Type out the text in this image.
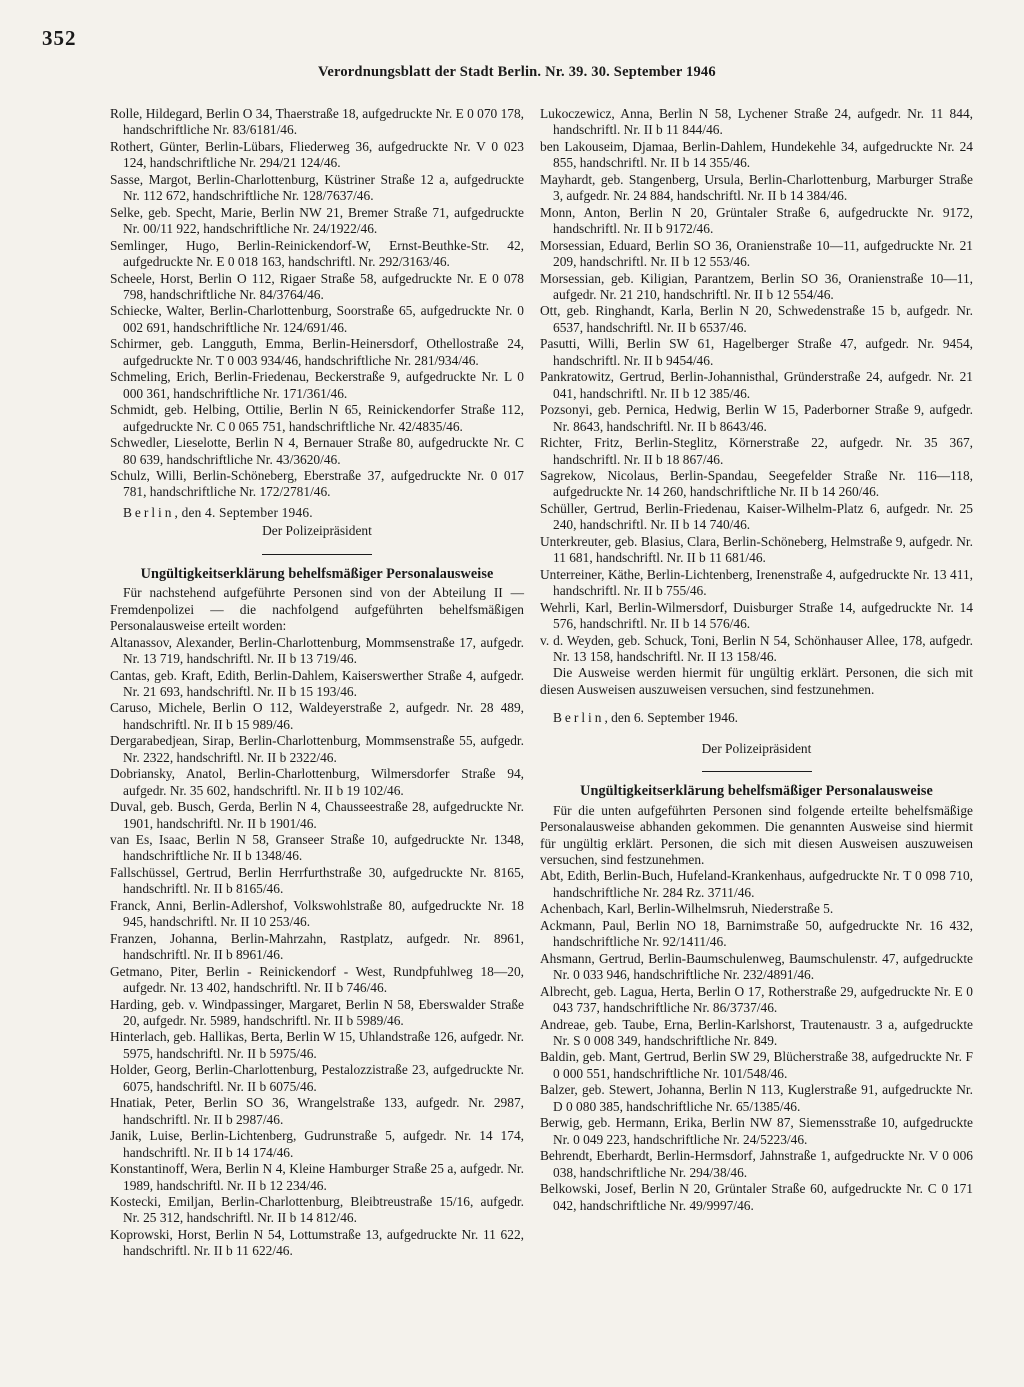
352
Verordnungsblatt der Stadt Berlin. Nr. 39. 30. September 1946

Rolle, Hildegard, Berlin O 34, Thaerstraße 18, aufgedruckte Nr. E 0 070 178, handschriftliche Nr. 83/6181/46.

Rothert, Günter, Berlin-Lübars, Fliederweg 36, aufgedruckte Nr. V 0 023 124, handschriftliche Nr. 294/21 124/46.

Sasse, Margot, Berlin-Charlottenburg, Küstriner Straße 12 a, aufgedruckte Nr. 112 672, handschriftliche Nr. 128/7637/46.

Selke, geb. Specht, Marie, Berlin NW 21, Bremer Straße 71, aufgedruckte Nr. 00/11 922, handschriftliche Nr. 24/1922/46.

Semlinger, Hugo, Berlin-Reinickendorf-W, Ernst-Beuthke-Str. 42, aufgedruckte Nr. E 0 018 163, handschriftl. Nr. 292/3163/46.

Scheele, Horst, Berlin O 112, Rigaer Straße 58, aufgedruckte Nr. E 0 078 798, handschriftliche Nr. 84/3764/46.

Schiecke, Walter, Berlin-Charlottenburg, Soorstraße 65, aufgedruckte Nr. 0 002 691, handschriftliche Nr. 124/691/46.

Schirmer, geb. Langguth, Emma, Berlin-Heinersdorf, Othellostraße 24, aufgedruckte Nr. T 0 003 934/46, handschriftliche Nr. 281/934/46.

Schmeling, Erich, Berlin-Friedenau, Beckerstraße 9, aufgedruckte Nr. L 0 000 361, handschriftliche Nr. 171/361/46.

Schmidt, geb. Helbing, Ottilie, Berlin N 65, Reinickendorfer Straße 112, aufgedruckte Nr. C 0 065 751, handschriftliche Nr. 42/4835/46.

Schwedler, Lieselotte, Berlin N 4, Bernauer Straße 80, aufgedruckte Nr. C 80 639, handschriftliche Nr. 43/3620/46.

Schulz, Willi, Berlin-Schöneberg, Eberstraße 37, aufgedruckte Nr. 0 017 781, handschriftliche Nr. 172/2781/46.

Berlin, den 4. September 1946.

Der Polizeipräsident

Ungültigkeitserklärung behelfsmäßiger Personalausweise

Für nachstehend aufgeführte Personen sind von der Abteilung II — Fremdenpolizei — die nachfolgend aufgeführten behelfsmäßigen Personalausweise erteilt worden:

Altanassov, Alexander, Berlin-Charlottenburg, Mommsenstraße 17, aufgedr. Nr. 13 719, handschriftl. Nr. II b 13 719/46.

Cantas, geb. Kraft, Edith, Berlin-Dahlem, Kaiserswerther Straße 4, aufgedr. Nr. 21 693, handschriftl. Nr. II b 15 193/46.

Caruso, Michele, Berlin O 112, Waldeyerstraße 2, aufgedr. Nr. 28 489, handschriftl. Nr. II b 15 989/46.

Dergarabedjean, Sirap, Berlin-Charlottenburg, Mommsenstraße 55, aufgedr. Nr. 2322, handschriftl. Nr. II b 2322/46.

Dobriansky, Anatol, Berlin-Charlottenburg, Wilmersdorfer Straße 94, aufgedr. Nr. 35 602, handschriftl. Nr. II b 19 102/46.

Duval, geb. Busch, Gerda, Berlin N 4, Chausseestraße 28, aufgedruckte Nr. 1901, handschriftl. Nr. II b 1901/46.

van Es, Isaac, Berlin N 58, Granseer Straße 10, aufgedruckte Nr. 1348, handschriftliche Nr. II b 1348/46.

Fallschüssel, Gertrud, Berlin Herrfurthstraße 30, aufgedruckte Nr. 8165, handschriftl. Nr. II b 8165/46.

Franck, Anni, Berlin-Adlershof, Volkswohlstraße 80, aufgedruckte Nr. 18 945, handschriftl. Nr. II 10 253/46.

Franzen, Johanna, Berlin-Mahrzahn, Rastplatz, aufgedr. Nr. 8961, handschriftl. Nr. II b 8961/46.

Getmano, Piter, Berlin - Reinickendorf - West, Rundpfuhlweg 18—20, aufgedr. Nr. 13 402, handschriftl. Nr. II b 746/46.

Harding, geb. v. Windpassinger, Margaret, Berlin N 58, Eberswalder Straße 20, aufgedr. Nr. 5989, handschriftl. Nr. II b 5989/46.

Hinterlach, geb. Hallikas, Berta, Berlin W 15, Uhlandstraße 126, aufgedr. Nr. 5975, handschriftl. Nr. II b 5975/46.

Holder, Georg, Berlin-Charlottenburg, Pestalozzistraße 23, aufgedruckte Nr. 6075, handschriftl. Nr. II b 6075/46.

Hnatiak, Peter, Berlin SO 36, Wrangelstraße 133, aufgedr. Nr. 2987, handschriftl. Nr. II b 2987/46.

Janik, Luise, Berlin-Lichtenberg, Gudrunstraße 5, aufgedr. Nr. 14 174, handschriftl. Nr. II b 14 174/46.

Konstantinoff, Wera, Berlin N 4, Kleine Hamburger Straße 25 a, aufgedr. Nr. 1989, handschriftl. Nr. II b 12 234/46.

Kostecki, Emiljan, Berlin-Charlottenburg, Bleibtreustraße 15/16, aufgedr. Nr. 25 312, handschriftl. Nr. II b 14 812/46.

Koprowski, Horst, Berlin N 54, Lottumstraße 13, aufgedruckte Nr. 11 622, handschriftl. Nr. II b 11 622/46.

Lukoczewicz, Anna, Berlin N 58, Lychener Straße 24, aufgedr. Nr. 11 844, handschriftl. Nr. II b 11 844/46.

ben Lakouseim, Djamaa, Berlin-Dahlem, Hundekehle 34, aufgedruckte Nr. 24 855, handschriftl. Nr. II b 14 355/46.

Mayhardt, geb. Stangenberg, Ursula, Berlin-Charlottenburg, Marburger Straße 3, aufgedr. Nr. 24 884, handschriftl. Nr. II b 14 384/46.

Monn, Anton, Berlin N 20, Grüntaler Straße 6, aufgedruckte Nr. 9172, handschriftl. Nr. II b 9172/46.

Morsessian, Eduard, Berlin SO 36, Oranienstraße 10—11, aufgedruckte Nr. 21 209, handschriftl. Nr. II b 12 553/46.

Morsessian, geb. Kiligian, Parantzem, Berlin SO 36, Oranienstraße 10—11, aufgedr. Nr. 21 210, handschriftl. Nr. II b 12 554/46.

Ott, geb. Ringhandt, Karla, Berlin N 20, Schwedenstraße 15 b, aufgedr. Nr. 6537, handschriftl. Nr. II b 6537/46.

Pasutti, Willi, Berlin SW 61, Hagelberger Straße 47, aufgedr. Nr. 9454, handschriftl. Nr. II b 9454/46.

Pankratowitz, Gertrud, Berlin-Johannisthal, Gründerstraße 24, aufgedr. Nr. 21 041, handschriftl. Nr. II b 12 385/46.

Pozsonyi, geb. Pernica, Hedwig, Berlin W 15, Paderborner Straße 9, aufgedr. Nr. 8643, handschriftl. Nr. II b 8643/46.

Richter, Fritz, Berlin-Steglitz, Körnerstraße 22, aufgedr. Nr. 35 367, handschriftl. Nr. II b 18 867/46.

Sagrekow, Nicolaus, Berlin-Spandau, Seegefelder Straße Nr. 116—118, aufgedruckte Nr. 14 260, handschriftliche Nr. II b 14 260/46.

Schüller, Gertrud, Berlin-Friedenau, Kaiser-Wilhelm-Platz 6, aufgedr. Nr. 25 240, handschriftl. Nr. II b 14 740/46.

Unterkreuter, geb. Blasius, Clara, Berlin-Schöneberg, Helmstraße 9, aufgedr. Nr. 11 681, handschriftl. Nr. II b 11 681/46.

Unterreiner, Käthe, Berlin-Lichtenberg, Irenenstraße 4, aufgedruckte Nr. 13 411, handschriftl. Nr. II b 755/46.

Wehrli, Karl, Berlin-Wilmersdorf, Duisburger Straße 14, aufgedruckte Nr. 14 576, handschriftl. Nr. II b 14 576/46.

v. d. Weyden, geb. Schuck, Toni, Berlin N 54, Schönhauser Allee, 178, aufgedr. Nr. 13 158, handschriftl. Nr. II 13 158/46.

Die Ausweise werden hiermit für ungültig erklärt. Personen, die sich mit diesen Ausweisen auszuweisen versuchen, sind festzunehmen.

Berlin, den 6. September 1946.

Der Polizeipräsident

Ungültigkeitserklärung behelfsmäßiger Personalausweise

Für die unten aufgeführten Personen sind folgende erteilte behelfsmäßige Personalausweise abhanden gekommen. Die genannten Ausweise sind hiermit für ungültig erklärt. Personen, die sich mit diesen Ausweisen auszuweisen versuchen, sind festzunehmen.

Abt, Edith, Berlin-Buch, Hufeland-Krankenhaus, aufgedruckte Nr. T 0 098 710, handschriftliche Nr. 284 Rz. 3711/46.

Achenbach, Karl, Berlin-Wilhelmsruh, Niederstraße 5.

Ackmann, Paul, Berlin NO 18, Barnimstraße 50, aufgedruckte Nr. 16 432, handschriftliche Nr. 92/1411/46.

Ahsmann, Gertrud, Berlin-Baumschulenweg, Baumschulenstr. 47, aufgedruckte Nr. 0 033 946, handschriftliche Nr. 232/4891/46.

Albrecht, geb. Lagua, Herta, Berlin O 17, Rotherstraße 29, aufgedruckte Nr. E 0 043 737, handschriftliche Nr. 86/3737/46.

Andreae, geb. Taube, Erna, Berlin-Karlshorst, Trautenaustr. 3 a, aufgedruckte Nr. S 0 008 349, handschriftliche Nr. 849.

Baldin, geb. Mant, Gertrud, Berlin SW 29, Blücherstraße 38, aufgedruckte Nr. F 0 000 551, handschriftliche Nr. 101/548/46.

Balzer, geb. Stewert, Johanna, Berlin N 113, Kuglerstraße 91, aufgedruckte Nr. D 0 080 385, handschriftliche Nr. 65/1385/46.

Berwig, geb. Hermann, Erika, Berlin NW 87, Siemensstraße 10, aufgedruckte Nr. 0 049 223, handschriftliche Nr. 24/5223/46.

Behrendt, Eberhardt, Berlin-Hermsdorf, Jahnstraße 1, aufgedruckte Nr. V 0 006 038, handschriftliche Nr. 294/38/46.

Belkowski, Josef, Berlin N 20, Grüntaler Straße 60, aufgedruckte Nr. C 0 171 042, handschriftliche Nr. 49/9997/46.
